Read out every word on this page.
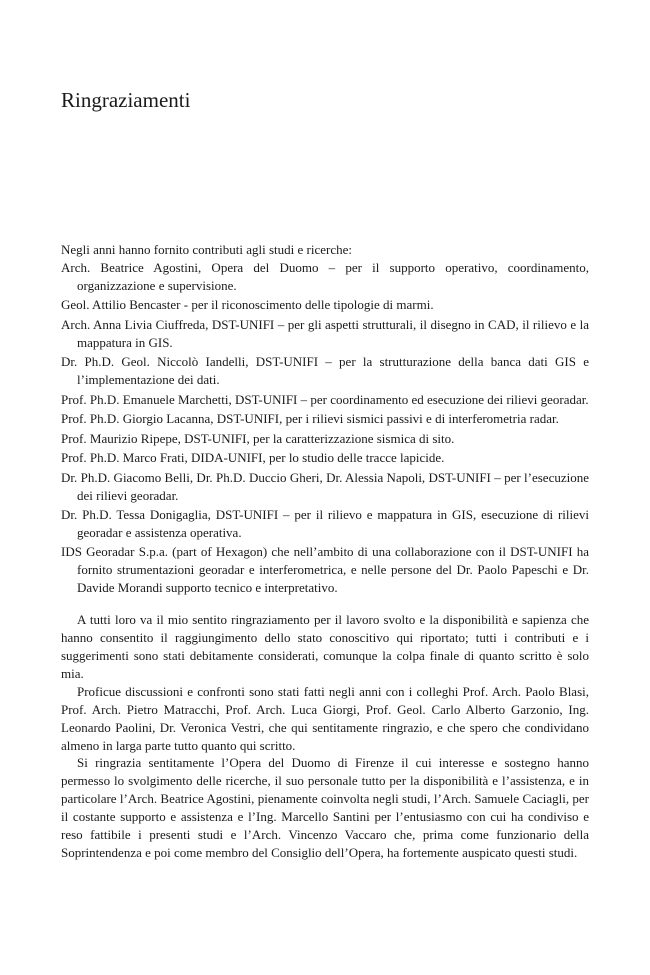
Ringraziamenti

Negli anni hanno fornito contributi agli studi e ricerche:

Arch. Beatrice Agostini, Opera del Duomo – per il supporto operativo, coordinamento, organizzazione e supervisione.
Geol. Attilio Bencaster - per il riconoscimento delle tipologie di marmi.
Arch. Anna Livia Ciuffreda, DST-UNIFI – per gli aspetti strutturali, il disegno in CAD, il rilievo e la mappatura in GIS.
Dr. Ph.D. Geol. Niccolò Iandelli, DST-UNIFI – per la strutturazione della banca dati GIS e l’implementazione dei dati.
Prof. Ph.D. Emanuele Marchetti, DST-UNIFI – per coordinamento ed esecuzione dei rilievi georadar.
Prof. Ph.D. Giorgio Lacanna, DST-UNIFI, per i rilievi sismici passivi e di interferometria radar.
Prof. Maurizio Ripepe, DST-UNIFI, per la caratterizzazione sismica di sito.
Prof. Ph.D. Marco Frati, DIDA-UNIFI, per lo studio delle tracce lapicide.
Dr. Ph.D. Giacomo Belli, Dr. Ph.D. Duccio Gheri, Dr. Alessia Napoli, DST-UNIFI – per l’esecuzione dei rilievi georadar.
Dr. Ph.D. Tessa Donigaglia, DST-UNIFI – per il rilievo e mappatura in GIS, esecuzione di rilievi georadar e assistenza operativa.
IDS Georadar S.p.a. (part of Hexagon) che nell’ambito di una collaborazione con il DST-UNIFI ha fornito strumentazioni georadar e interferometrica, e nelle persone del Dr. Paolo Papeschi e Dr. Davide Morandi supporto tecnico e interpretativo.

A tutti loro va il mio sentito ringraziamento per il lavoro svolto e la disponibilità e sapienza che hanno consentito il raggiungimento dello stato conoscitivo qui riportato; tutti i contributi e i suggerimenti sono stati debitamente considerati, comunque la colpa finale di quanto scritto è solo mia.

Proficue discussioni e confronti sono stati fatti negli anni con i colleghi Prof. Arch. Paolo Blasi, Prof. Arch. Pietro Matracchi, Prof. Arch. Luca Giorgi, Prof. Geol. Carlo Alberto Garzonio, Ing. Leonardo Paolini, Dr. Veronica Vestri, che qui sentitamente ringrazio, e che spero che condividano almeno in larga parte tutto quanto qui scritto.

Si ringrazia sentitamente l’Opera del Duomo di Firenze il cui interesse e sostegno hanno permesso lo svolgimento delle ricerche, il suo personale tutto per la disponibilità e l’assistenza, e in particolare l’Arch. Beatrice Agostini, pienamente coinvolta negli studi, l’Arch. Samuele Caciagli, per il costante supporto e assistenza e l’Ing. Marcello Santini per l’entusiasmo con cui ha condiviso e reso fattibile i presenti studi e l’Arch. Vincenzo Vaccaro che, prima come funzionario della Soprintendenza e poi come membro del Consiglio dell’Opera, ha fortemente auspicato questi studi.
